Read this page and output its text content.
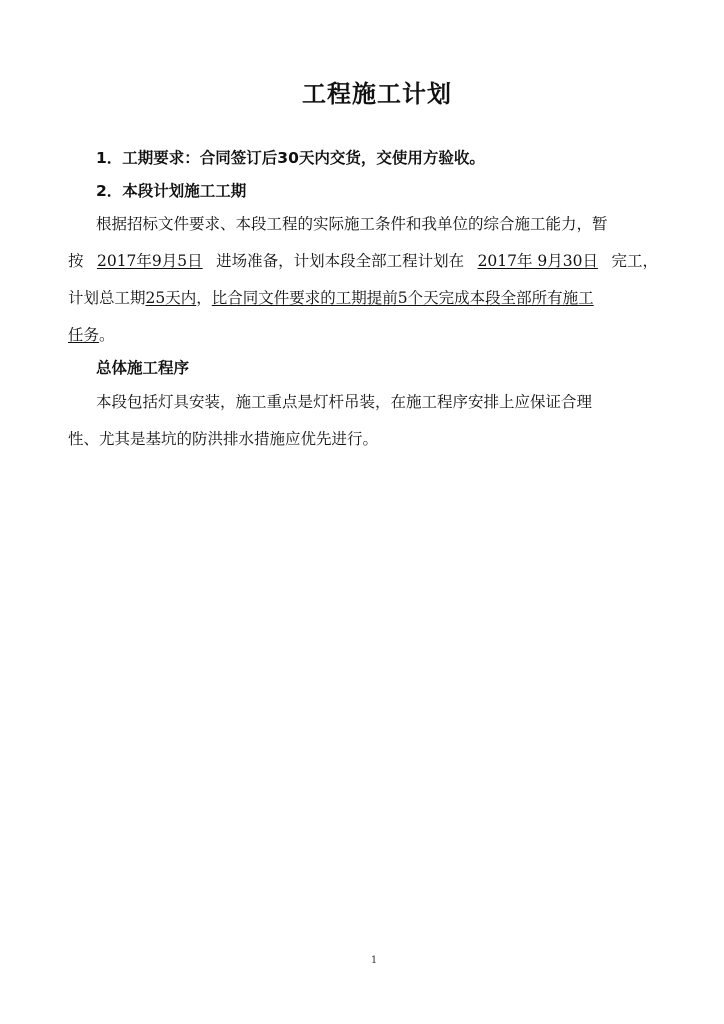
工程施工计划
1．工期要求：合同签订后30天内交货，交使用方验收。
2．本段计划施工工期
根据招标文件要求、本段工程的实际施工条件和我单位的综合施工能力，暂
按 2017年9月5日 进场准备，计划本段全部工程计划在 2017年 9月30日 完工，
计划总工期25天内，比合同文件要求的工期提前5个天完成本段全部所有施工
任务。
总体施工程序
本段包括灯具安装，施工重点是灯杆吊装，在施工程序安排上应保证合理
性、尤其是基坑的防洪排水措施应优先进行。
1
